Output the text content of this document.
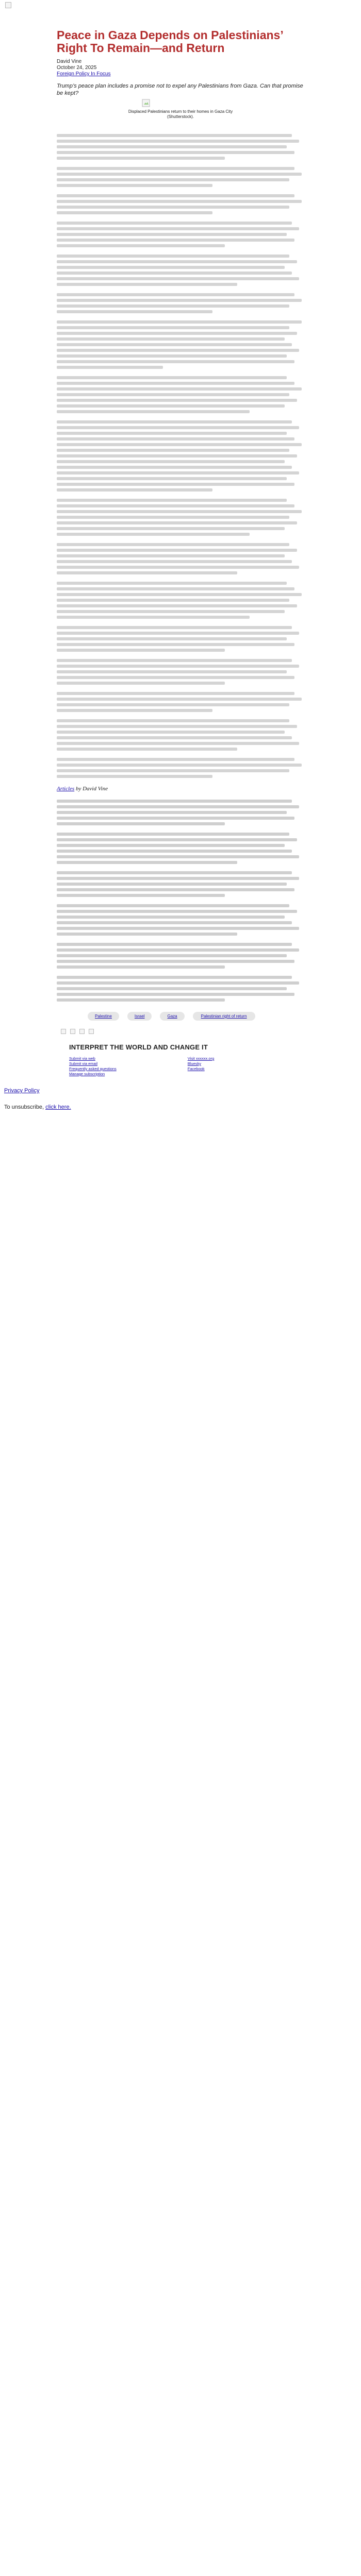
Peace in Gaza Depends on Palestinians’ Right To Remain—and Return
David Vine
October 24, 2025
Foreign Policy In Focus
Trump’s peace plan includes a promise not to expel any Palestinians from Gaza. Can that promise be kept?
Displaced Palestinians return to their homes in Gaza City (Shutterstock).
Articles by David Vine
Palestine	Israel	Gaza	Palestinian right of return
INTERPRET THE WORLD AND CHANGE IT
Submit via web
Submit via email
Frequently asked questions
Manage subscription
Visit xxxxxx.org
Bluesky
Facebook
Privacy Policy
To unsubscribe, click here.
